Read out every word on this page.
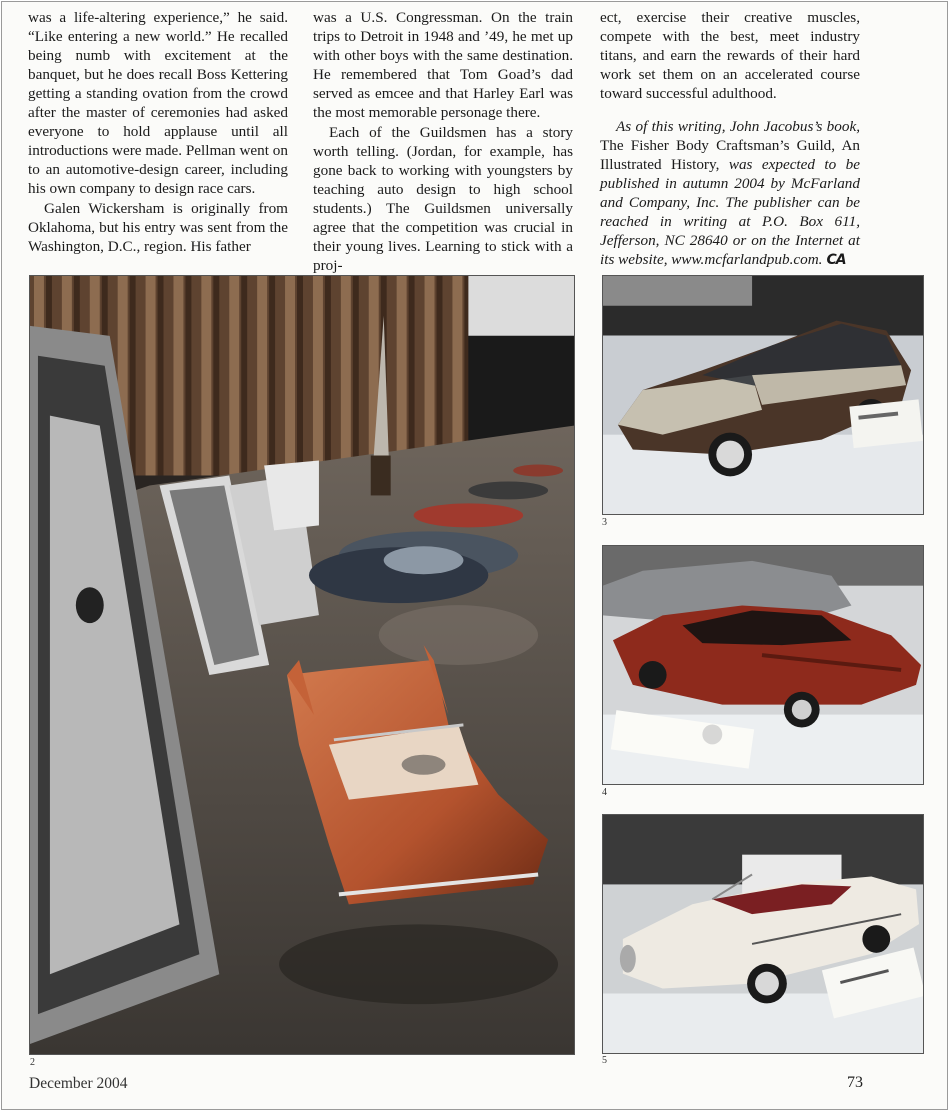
was a life-altering experience,” he said. “Like entering a new world.” He recalled being numb with excitement at the banquet, but he does recall Boss Kettering getting a standing ovation from the crowd after the master of ceremonies had asked everyone to hold applause until all introductions were made. Pellman went on to an automotive-design career, including his own company to design race cars.

Galen Wickersham is originally from Oklahoma, but his entry was sent from the Washington, D.C., region. His father

was a U.S. Congressman. On the train trips to Detroit in 1948 and ’49, he met up with other boys with the same destination. He remembered that Tom Goad’s dad served as emcee and that Harley Earl was the most memorable personage there.

Each of the Guildsmen has a story worth telling. (Jordan, for example, has gone back to working with youngsters by teaching auto design to high school students.) The Guildsmen universally agree that the competition was crucial in their young lives. Learning to stick with a proj-

ect, exercise their creative muscles, compete with the best, meet industry titans, and earn the rewards of their hard work set them on an accelerated course toward successful adulthood.

As of this writing, John Jacobus’s book, The Fisher Body Craftsman’s Guild, An Illustrated History, was expected to be published in autumn 2004 by McFarland and Company, Inc. The publisher can be reached in writing at P.O. Box 611, Jefferson, NC 28640 or on the Internet at its website, www.mcfarlandpub.com. CA

2
3
4
5
December 2004	73
